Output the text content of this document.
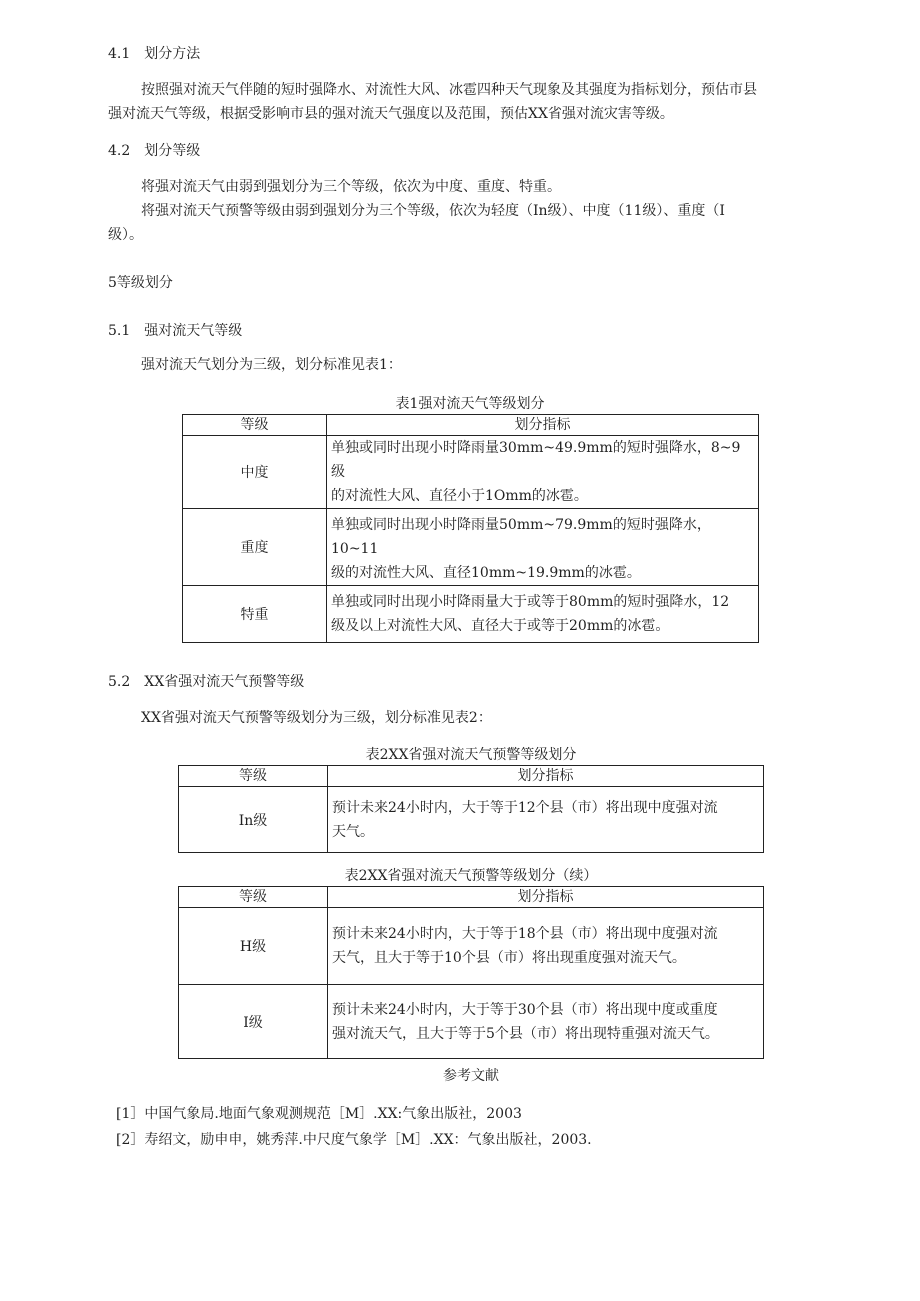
4.1　划分方法
按照强对流天气伴随的短时强降水、对流性大风、冰雹四种天气现象及其强度为指标划分，预估市县
强对流天气等级，根据受影响市县的强对流天气强度以及范围，预估XX省强对流灾害等级。
4.2　划分等级
将强对流天气由弱到强划分为三个等级，依次为中度、重度、特重。
将强对流天气预警等级由弱到强划分为三个等级，依次为轻度（In级）、中度（11级）、重度（I
级）。
5等级划分
5.1　强对流天气等级
强对流天气划分为三级，划分标准见表1：
表1强对流天气等级划分
等级	划分指标
中度	单独或同时出现小时降雨量30mm~49.9mm的短时强降水，8~9级
的对流性大风、直径小于1Omm的冰雹。

重度	单独或同时出现小时降雨量50mm~79.9mm的短时强降水，10~11
级的对流性大风、直径10mm~19.9mm的冰雹。

特重	单独或同时出现小时降雨量大于或等于80mm的短时强降水，12
级及以上对流性大风、直径大于或等于20mm的冰雹。
5.2　XX省强对流天气预警等级
XX省强对流天气预警等级划分为三级，划分标准见表2：
表2XX省强对流天气预警等级划分
等级	划分指标
In级	预计未来24小时内，大于等于12个县（市）将出现中度强对流
天气。
表2XX省强对流天气预警等级划分（续）
等级	划分指标
H级	预计未来24小时内，大于等于18个县（市）将出现中度强对流
天气，且大于等于10个县（市）将出现重度强对流天气。

I级	预计未来24小时内，大于等于30个县（市）将出现中度或重度
强对流天气，且大于等于5个县（市）将出现特重强对流天气。
参考文献
[1］中国气象局.地面气象观测规范［M］.XX:气象出版社，2003
[2］寿绍文，励申申，姚秀萍.中尺度气象学［M］.XX：气象出版社，2003.
